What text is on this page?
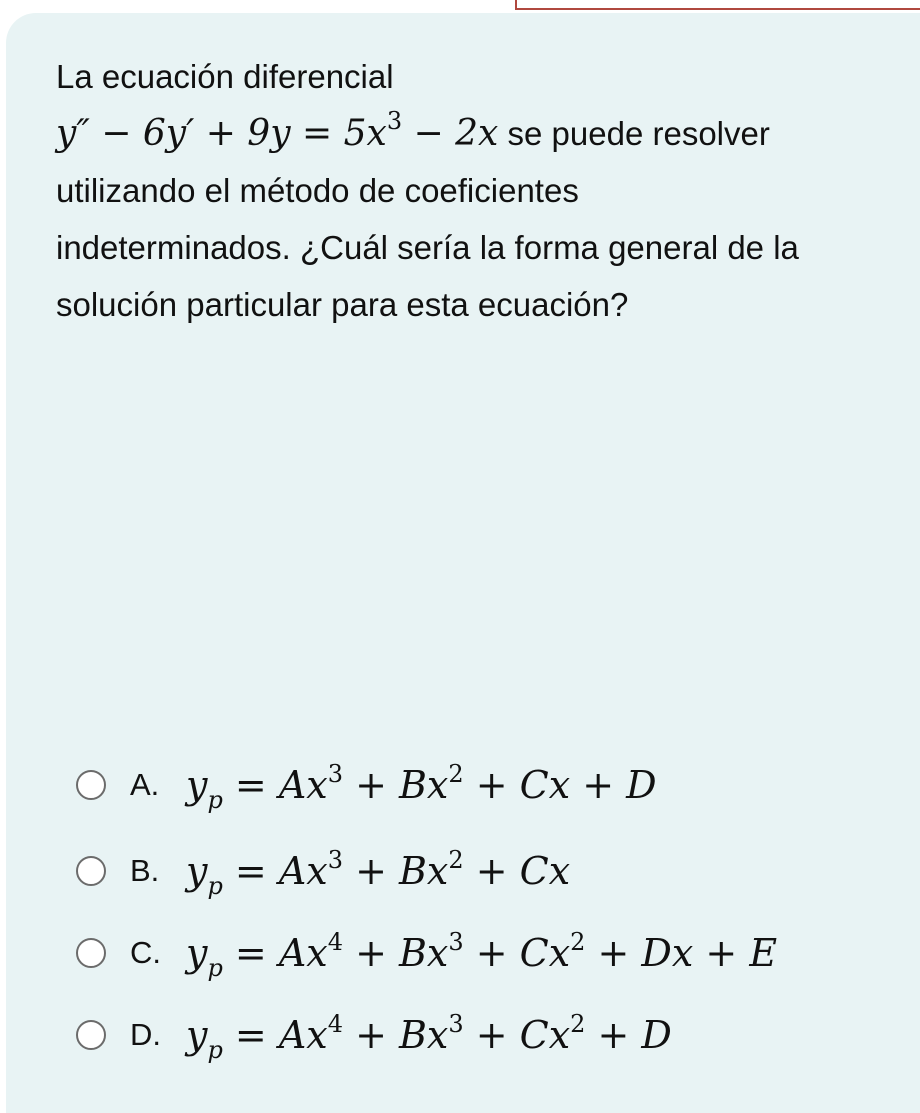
La ecuación diferencial
$y'' - 6y' + 9y = 5x^3 - 2x$ se puede resolver
utilizando el método de coeficientes
indeterminados. ¿Cuál sería la forma general de la
solución particular para esta ecuación?
A. $y_p = Ax^3 + Bx^2 + Cx + D$
B. $y_p = Ax^3 + Bx^2 + Cx$
C. $y_p = Ax^4 + Bx^3 + Cx^2 + Dx + E$
D. $y_p = Ax^4 + Bx^3 + Cx^2 + D$
